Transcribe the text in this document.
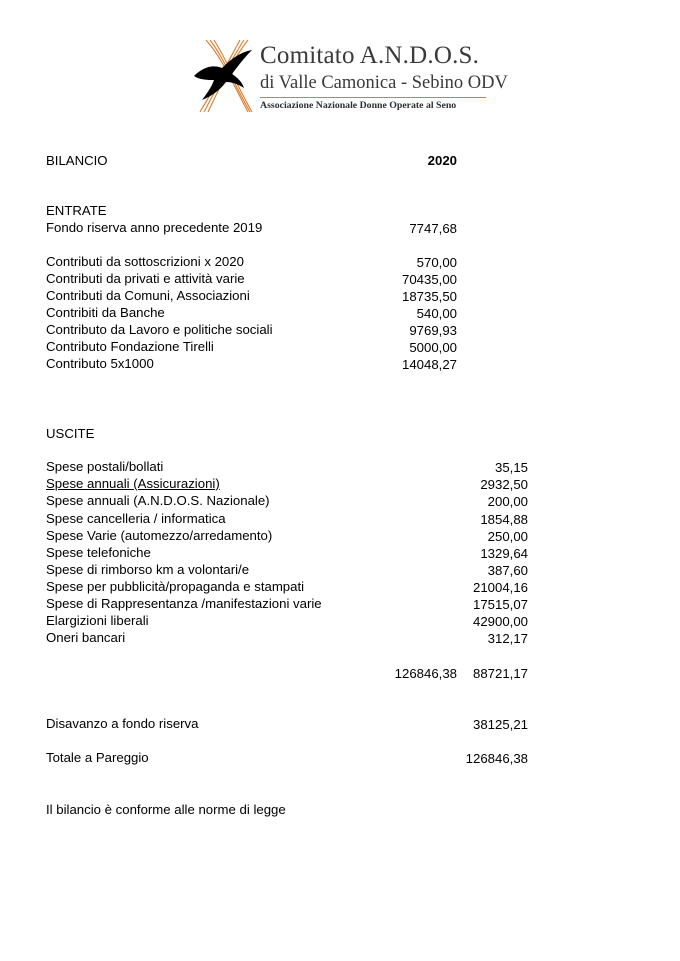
Comitato A.N.D.O.S.
di Valle Camonica - Sebino ODV
Associazione Nazionale Donne Operate al Seno
BILANCIO	2020
ENTRATE
Fondo riserva anno precedente 2019	7747,68
Contributi da sottoscrizioni x 2020	570,00
Contributi da privati e attività varie	70435,00
Contributi da Comuni, Associazioni	18735,50
Contribiti da Banche	540,00
Contributo da Lavoro e politiche sociali	9769,93
Contributo Fondazione Tirelli	5000,00
Contributo 5x1000	14048,27
USCITE
Spese postali/bollati	35,15
Spese annuali (Assicurazioni)	2932,50
Spese annuali (A.N.D.O.S. Nazionale)	200,00
Spese cancelleria / informatica	1854,88
Spese Varie (automezzo/arredamento)	250,00
Spese telefoniche	1329,64
Spese di rimborso km a volontari/e	387,60
Spese per pubblicità/propaganda e stampati	21004,16
Spese di Rappresentanza /manifestazioni varie	17515,07
Elargizioni liberali	42900,00
Oneri bancari	312,17
126846,38 88721,17
Disavanzo a fondo riserva	38125,21
Totale a Pareggio	126846,38
Il bilancio è conforme alle norme di legge
